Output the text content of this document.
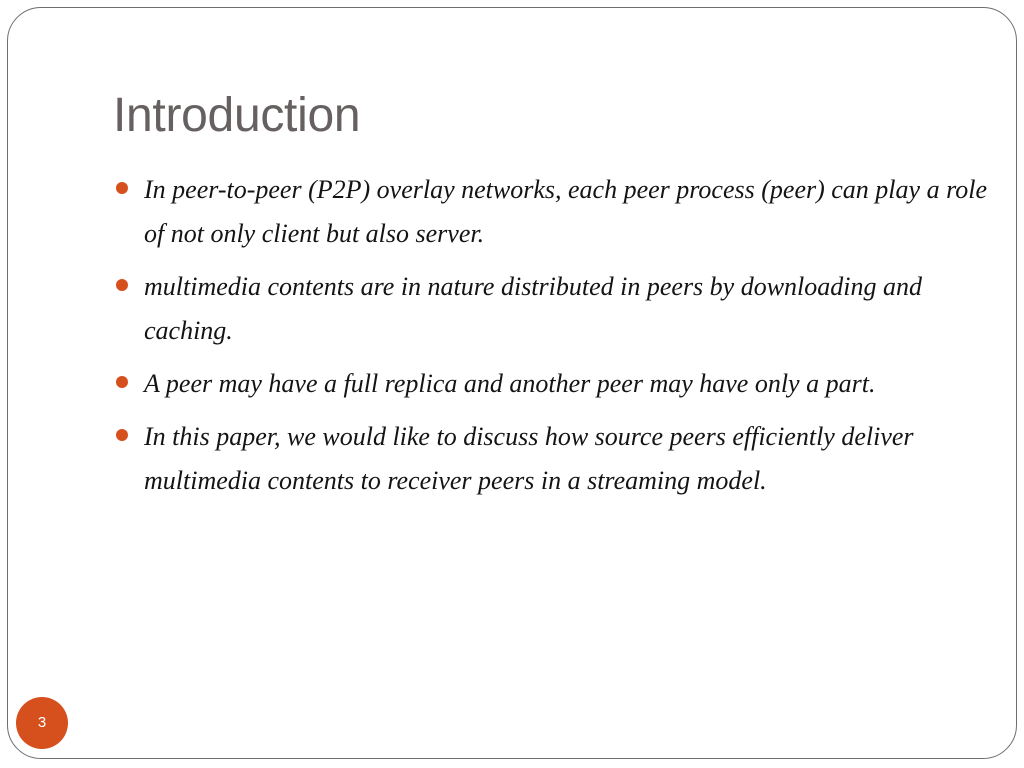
Introduction
In peer-to-peer (P2P) overlay networks, each peer process (peer) can play a role of not only client but also server.
multimedia contents are in nature distributed in peers by downloading and caching.
A peer may have a full replica and another peer may have only a part.
In this paper, we would like to discuss how source peers efficiently deliver multimedia contents to receiver peers in a streaming model.
3
